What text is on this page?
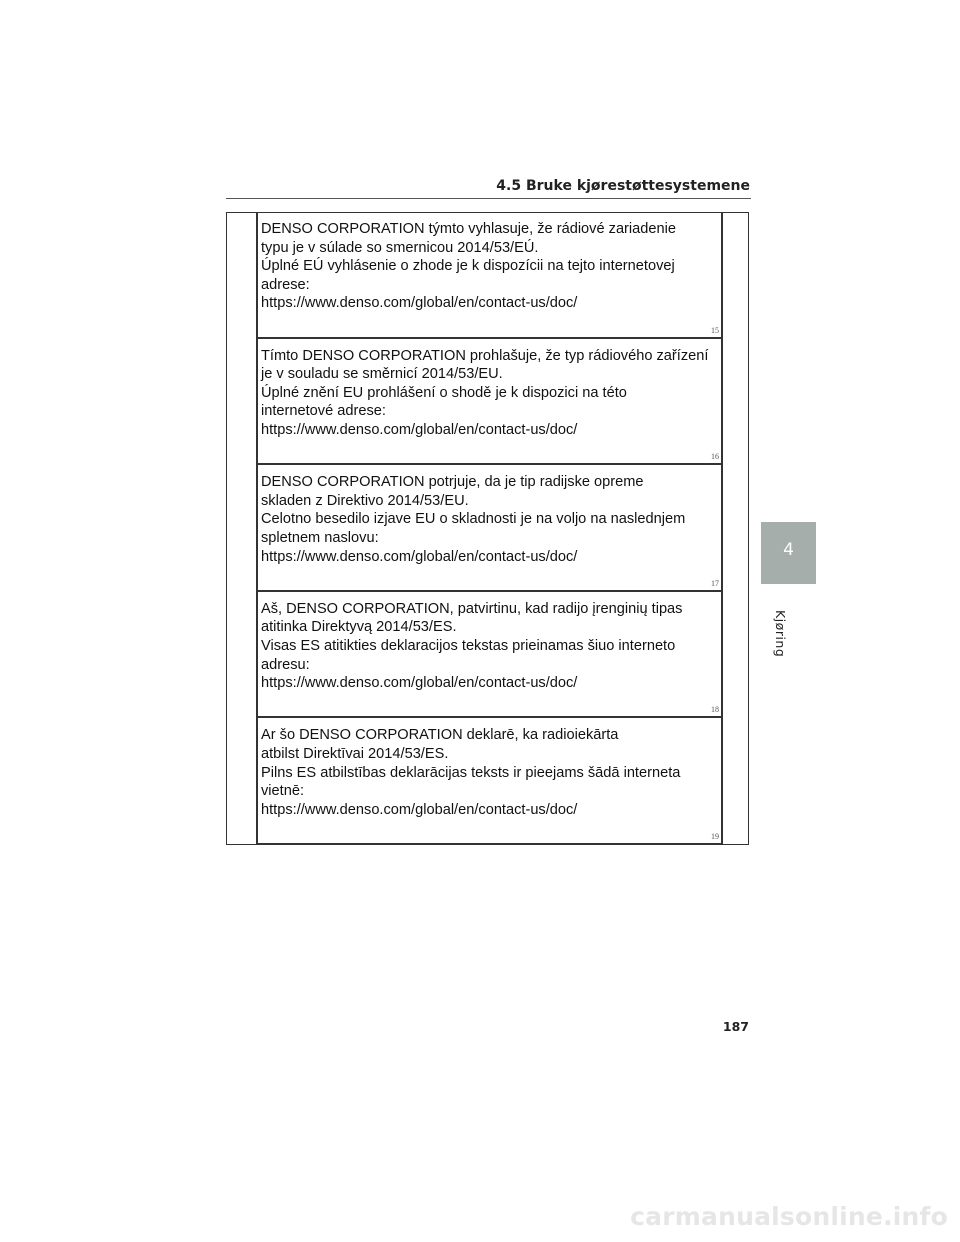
4.5 Bruke kjørestøttesystemene
DENSO CORPORATION týmto vyhlasuje, že rádiové zariadenie
typu je v súlade so smernicou 2014/53/EÚ.
Úplné EÚ vyhlásenie o zhode je k dispozícii na tejto internetovej
adrese:
https://www.denso.com/global/en/contact-us/doc/
15
Tímto DENSO CORPORATION prohlašuje, že typ rádiového zařízení
je v souladu se směrnicí 2014/53/EU.
Úplné znění EU prohlášení o shodě je k dispozici na této
internetové adrese:
https://www.denso.com/global/en/contact-us/doc/
16
DENSO CORPORATION potrjuje, da je tip radijske opreme
skladen z Direktivo 2014/53/EU.
Celotno besedilo izjave EU o skladnosti je na voljo na naslednjem
spletnem naslovu:
https://www.denso.com/global/en/contact-us/doc/
17
Aš, DENSO CORPORATION, patvirtinu, kad radijo įrenginių tipas
atitinka Direktyvą 2014/53/ES.
Visas ES atitikties deklaracijos tekstas prieinamas šiuo interneto
adresu:
https://www.denso.com/global/en/contact-us/doc/
18
Ar šo DENSO CORPORATION deklarē, ka radioiekārta
atbilst Direktīvai 2014/53/ES.
Pilns ES atbilstības deklarācijas teksts ir pieejams šādā interneta
vietnē:
https://www.denso.com/global/en/contact-us/doc/
19
4
Kjøring
187
carmanualsonline.info
